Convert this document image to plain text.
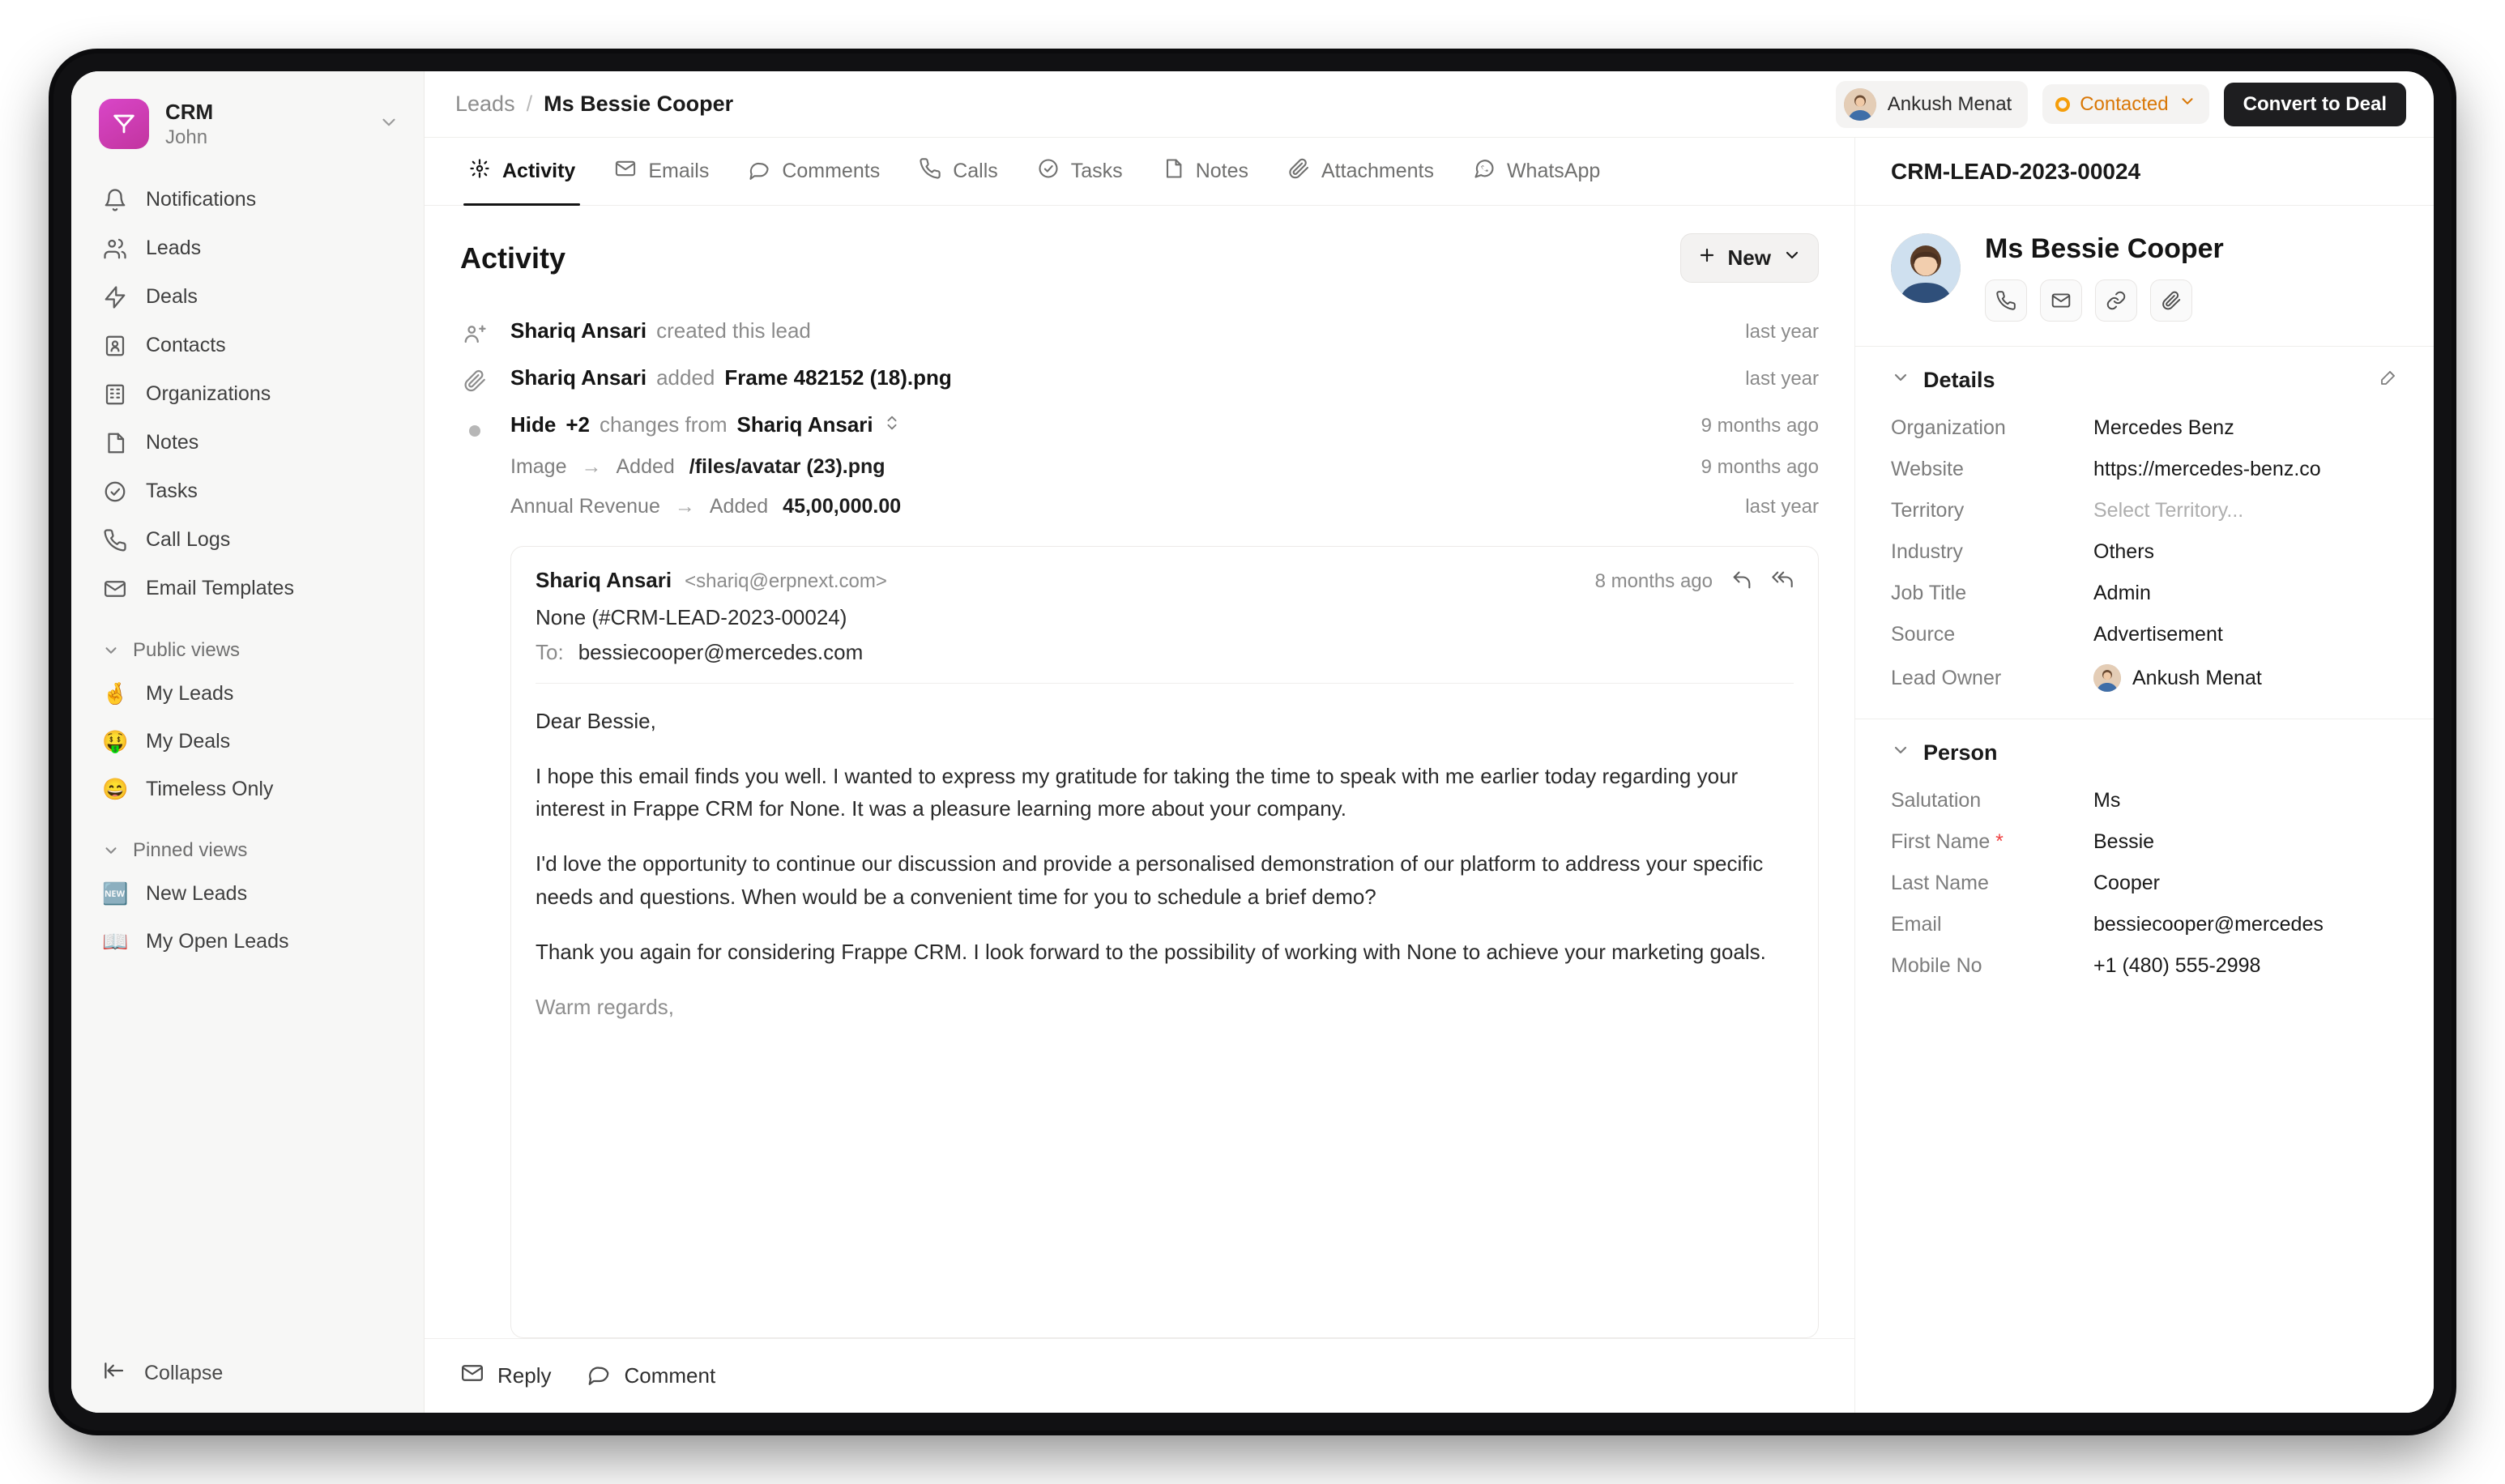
CRM
John
Notifications
Leads
Deals
Contacts
Organizations
Notes
Tasks
Call Logs
Email Templates
Public views
🤞 My Leads
🤑 My Deals
😄 Timeless Only
Pinned views
🆕 New Leads
📖 My Open Leads
Collapse
Leads / Ms Bessie Cooper	Ankush Menat	Contacted	Convert to Deal
Activity	Emails	Comments	Calls	Tasks	Notes	Attachments	WhatsApp
Activity	New
Shariq Ansari created this lead	last year
Shariq Ansari added Frame 482152 (18).png	last year
Hide +2 changes from Shariq Ansari	9 months ago
Image → Added /files/avatar (23).png	9 months ago
Annual Revenue → Added 45,00,000.00	last year
Shariq Ansari <shariq@erpnext.com>	8 months ago
None (#CRM-LEAD-2023-00024)
To: bessiecooper@mercedes.com

Dear Bessie,

I hope this email finds you well. I wanted to express my gratitude for taking the time to speak with me earlier today regarding your interest in Frappe CRM for None. It was a pleasure learning more about your company.

I'd love the opportunity to continue our discussion and provide a personalised demonstration of our platform to address your specific needs and questions. When would be a convenient time for you to schedule a brief demo?

Thank you again for considering Frappe CRM. I look forward to the possibility of working with None to achieve your marketing goals.

Warm regards,

Reply	Comment
CRM-LEAD-2023-00024
Ms Bessie Cooper
Details
Organization	Mercedes Benz
Website	https://mercedes-benz.co
Territory	Select Territory...
Industry	Others
Job Title	Admin
Source	Advertisement
Lead Owner	Ankush Menat
Person
Salutation	Ms
First Name *	Bessie
Last Name	Cooper
Email	bessiecooper@mercedes
Mobile No	+1 (480) 555-2998
